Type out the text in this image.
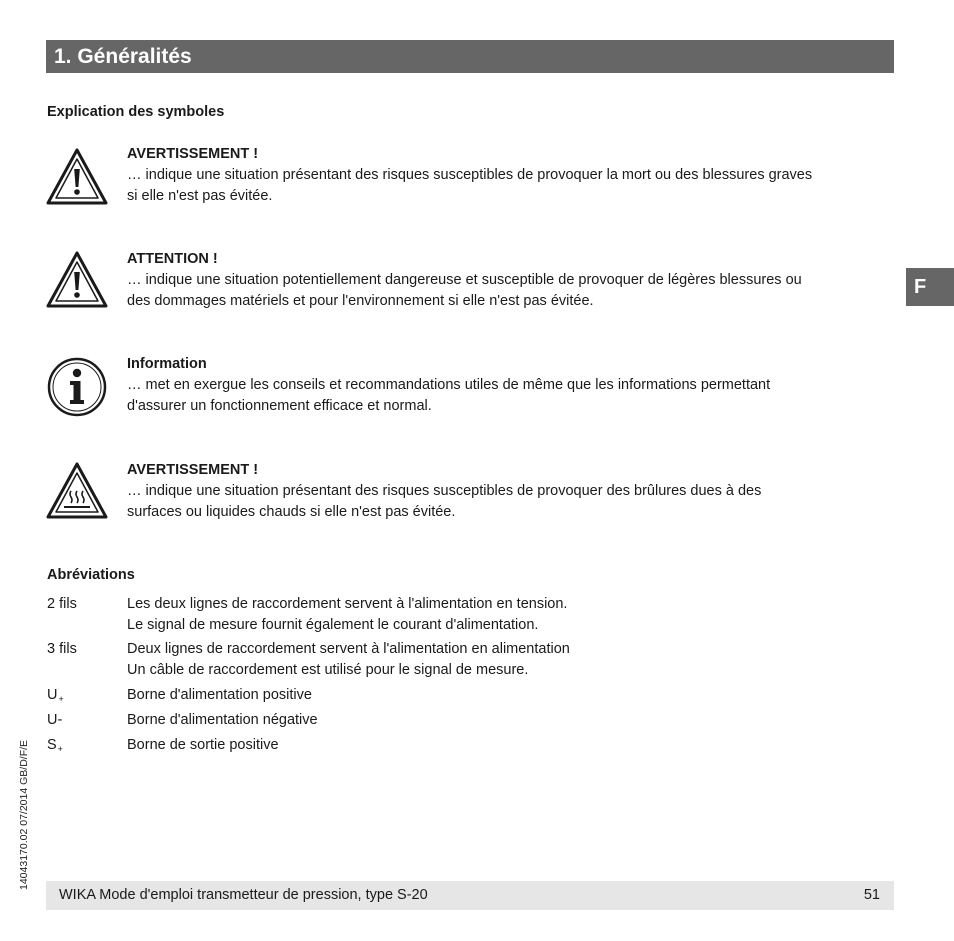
1. Généralités
Explication des symboles
AVERTISSEMENT !
… indique une situation présentant des risques susceptibles de provoquer la mort ou des blessures graves
si elle n'est pas évitée.
ATTENTION !
… indique une situation potentiellement dangereuse et susceptible de provoquer de légères blessures ou
des dommages matériels et pour l'environnement si elle n'est pas évitée.
Information
… met en exergue les conseils et recommandations utiles de même que les informations permettant
d'assurer un fonctionnement efficace et normal.
AVERTISSEMENT !
… indique une situation présentant des risques susceptibles de provoquer des brûlures dues à des
surfaces ou liquides chauds si elle n'est pas évitée.
F
Abréviations
2 fils	Les deux lignes de raccordement servent à l'alimentation en tension.
Le signal de mesure fournit également le courant d'alimentation.
3 fils	Deux lignes de raccordement servent à l'alimentation en alimentation
Un câble de raccordement est utilisé pour le signal de mesure.
$U_+$	Borne d'alimentation positive
U-	Borne d'alimentation négative
$S_+$	Borne de sortie positive
14043170.02 07/2014 GB/D/F/E
WIKA Mode d'emploi transmetteur de pression, type S-20	51
